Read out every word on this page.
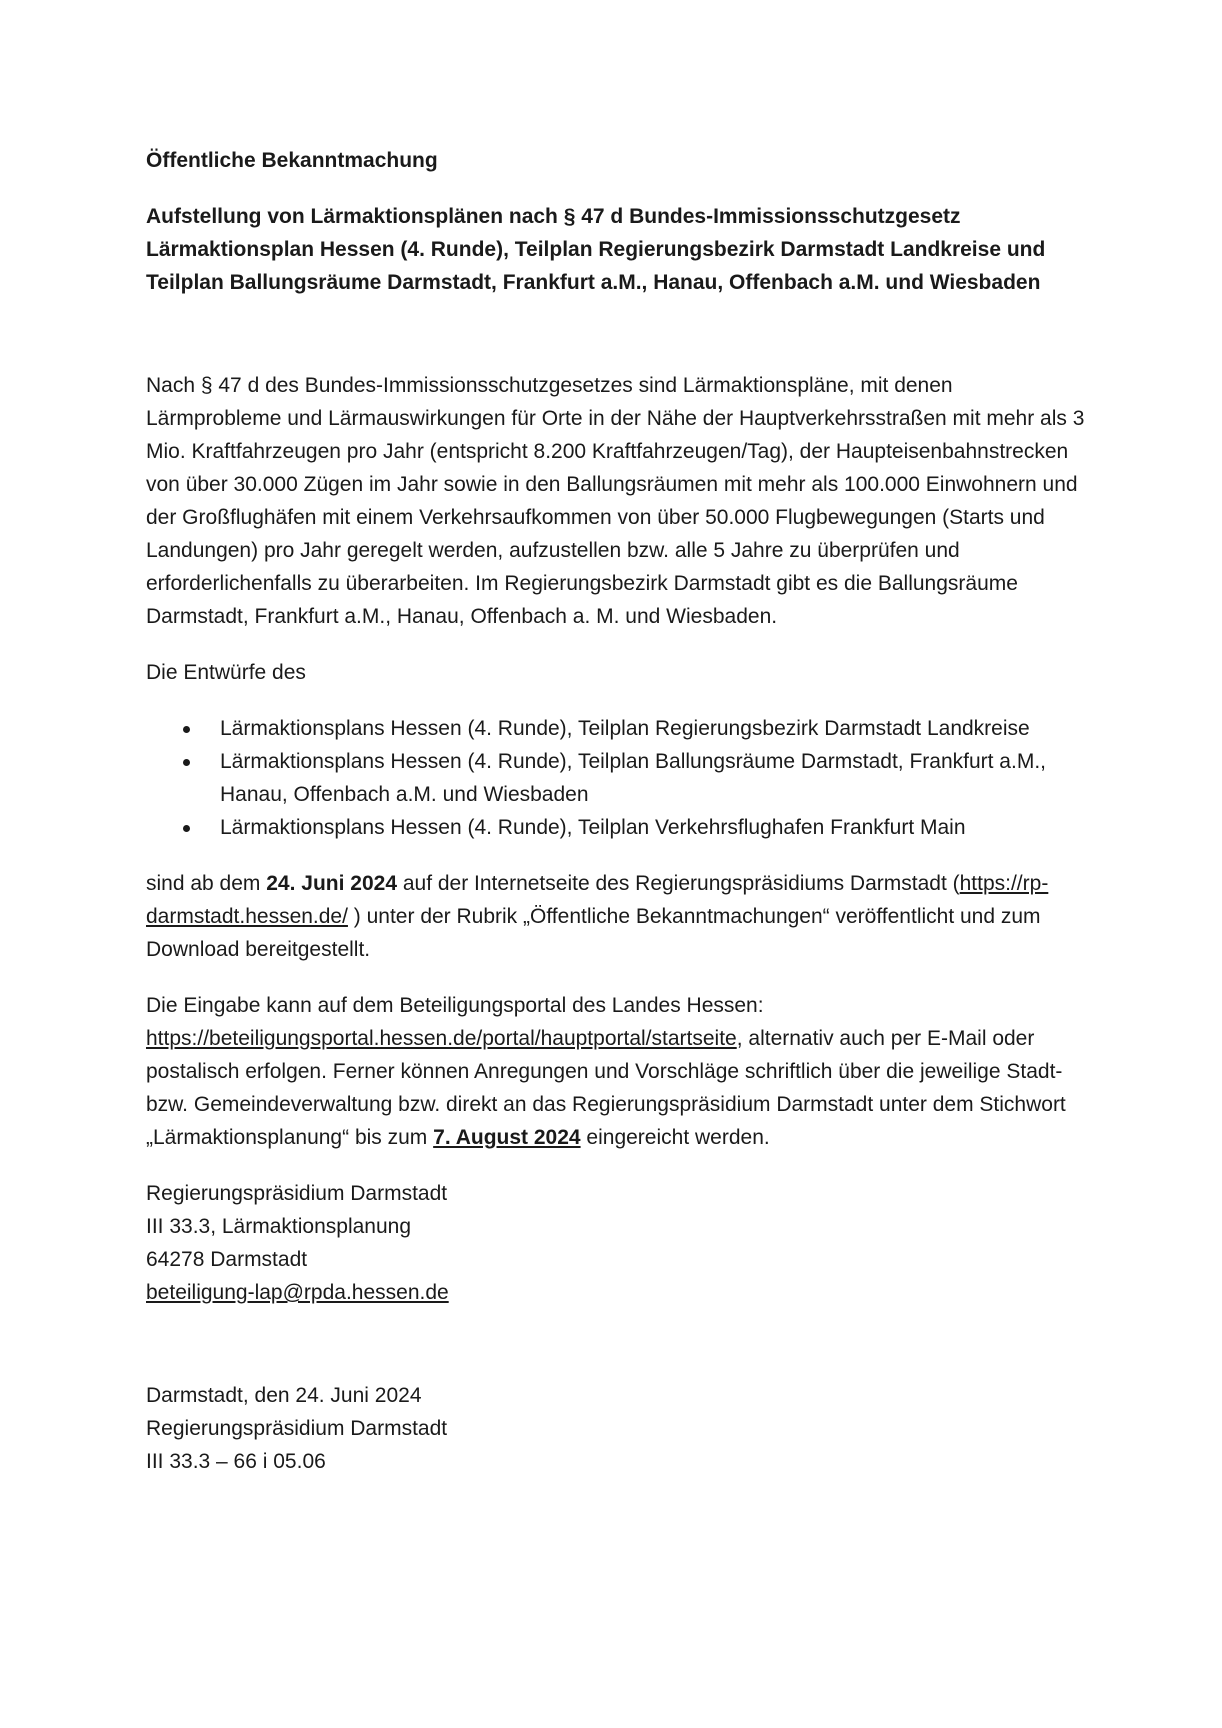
Öffentliche Bekanntmachung
Aufstellung von Lärmaktionsplänen nach § 47 d Bundes-Immissionsschutzgesetz Lärmaktionsplan Hessen (4. Runde), Teilplan Regierungsbezirk Darmstadt Landkreise und Teilplan Ballungsräume Darmstadt, Frankfurt a.M., Hanau, Offenbach a.M. und Wiesbaden

Nach § 47 d des Bundes-Immissionsschutzgesetzes sind Lärmaktionspläne, mit denen Lärmprobleme und Lärmauswirkungen für Orte in der Nähe der Hauptverkehrsstraßen mit mehr als 3 Mio. Kraftfahrzeugen pro Jahr (entspricht 8.200 Kraftfahrzeugen/Tag), der Haupteisenbahnstrecken von über 30.000 Zügen im Jahr sowie in den Ballungsräumen mit mehr als 100.000 Einwohnern und der Großflughäfen mit einem Verkehrsaufkommen von über 50.000 Flugbewegungen (Starts und Landungen) pro Jahr geregelt werden, aufzustellen bzw. alle 5 Jahre zu überprüfen und erforderlichenfalls zu überarbeiten. Im Regierungsbezirk Darmstadt gibt es die Ballungsräume Darmstadt, Frankfurt a.M., Hanau, Offenbach a. M. und Wiesbaden.

Die Entwürfe des

Lärmaktionsplans Hessen (4. Runde), Teilplan Regierungsbezirk Darmstadt Landkreise
Lärmaktionsplans Hessen (4. Runde), Teilplan Ballungsräume Darmstadt, Frankfurt a.M., Hanau, Offenbach a.M. und Wiesbaden
Lärmaktionsplans Hessen (4. Runde), Teilplan Verkehrsflughafen Frankfurt Main

sind ab dem 24. Juni 2024 auf der Internetseite des Regierungspräsidiums Darmstadt (https://rp-darmstadt.hessen.de/ ) unter der Rubrik „Öffentliche Bekanntmachungen“ veröffentlicht und zum Download bereitgestellt.

Die Eingabe kann auf dem Beteiligungsportal des Landes Hessen: https://beteiligungsportal.hessen.de/portal/hauptportal/startseite, alternativ auch per E-Mail oder postalisch erfolgen. Ferner können Anregungen und Vorschläge schriftlich über die jeweilige Stadt- bzw. Gemeindeverwaltung bzw. direkt an das Regierungspräsidium Darmstadt unter dem Stichwort „Lärmaktionsplanung“ bis zum 7. August 2024 eingereicht werden.

Regierungspräsidium Darmstadt
III 33.3, Lärmaktionsplanung
64278 Darmstadt
beteiligung-lap@rpda.hessen.de
Darmstadt, den 24. Juni 2024
Regierungspräsidium Darmstadt
III 33.3 – 66 i 05.06
